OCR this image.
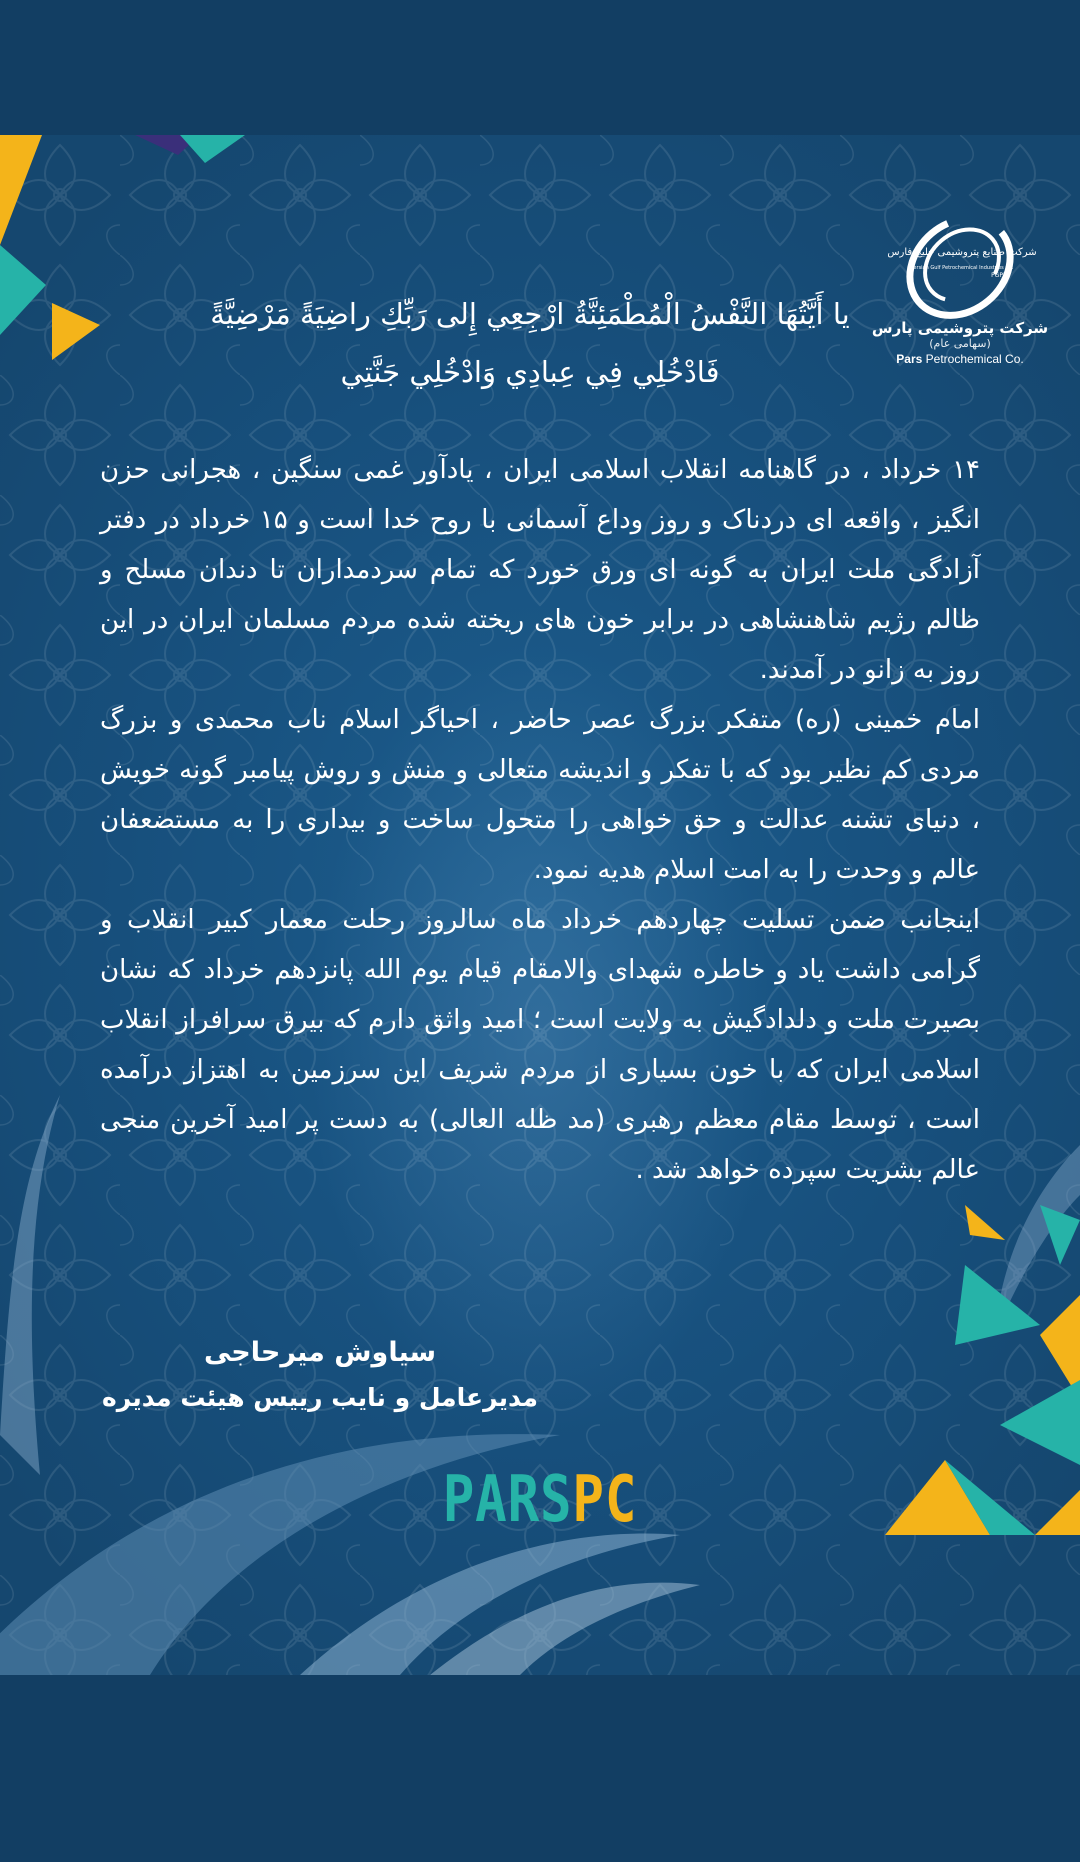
شرکت صنایع پتروشیمی خلیج فارس
Persian Gulf Petrochemical Industries Co.
PGPIC
شرکت پتروشیمی پارس
(سهامی عام)
Pars Petrochemical Co.
يا أَيَّتُهَا النَّفْسُ الْمُطْمَئِنَّةُ ارْجِعِي إِلى رَبِّكِ راضِيَةً مَرْضِيَّةً
فَادْخُلِي فِي عِبادِي وَادْخُلِي جَنَّتِي

۱۴ خرداد ، در گاهنامه انقلاب اسلامی ایران ، یادآور غمی سنگین ، هجرانی حزن انگیز ، واقعه ای دردناک و روز وداع آسمانی با روح خدا است و ۱۵ خرداد در دفتر آزادگی ملت ایران به گونه ای ورق خورد که تمام سردمداران تا دندان مسلح و ظالم رژیم شاهنشاهی در برابر خون های ریخته شده مردم مسلمان ایران در این روز به زانو در آمدند.

امام خمینی (ره) متفکر بزرگ عصر حاضر ، احیاگر اسلام ناب محمدی و بزرگ مردی کم نظیر بود که با تفکر و اندیشه متعالی و منش و روش پیامبر گونه خویش ، دنیای تشنه عدالت و حق خواهی را متحول ساخت و بیداری را به مستضعفان عالم و وحدت را به امت اسلام هدیه نمود.

اینجانب ضمن تسلیت چهاردهم خرداد ماه سالروز رحلت معمار کبیر انقلاب و گرامی داشت یاد و خاطره شهدای والامقام قیام یوم الله پانزدهم خرداد که نشان بصیرت ملت و دلدادگیش به ولایت است ؛ امید واثق دارم که بیرق سرافراز انقلاب اسلامی ایران که با خون بسیاری از مردم شریف این سرزمین به اهتزاز درآمده است ، توسط مقام معظم رهبری (مد ظله العالی) به دست پر امید آخرین منجی عالم بشریت سپرده خواهد شد .

سیاوش میرحاجی
مدیرعامل و نایب رییس هیئت مدیره
PARSPC
